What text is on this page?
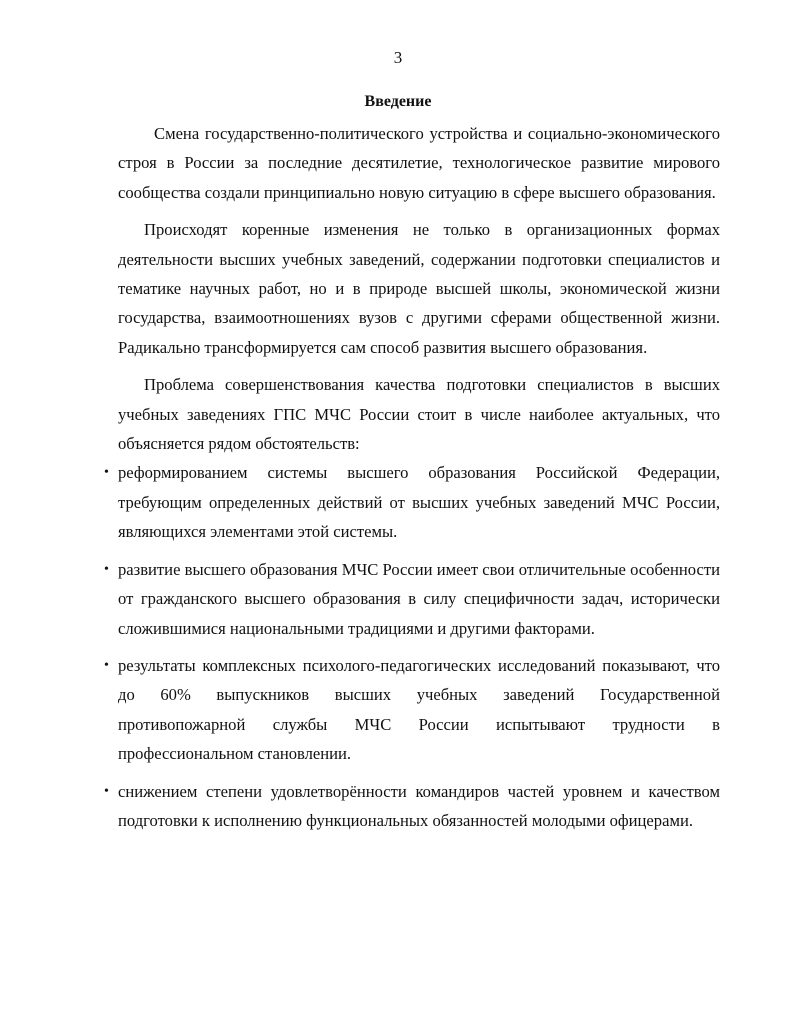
3
Введение

Смена государственно-политического устройства и социально-экономического строя в России за последние десятилетие, технологическое развитие мирового сообщества создали принципиально новую ситуацию в сфере высшего образования.

Происходят коренные изменения не только в организационных формах деятельности высших учебных заведений, содержании подготовки специалистов и тематике научных работ, но и в природе высшей школы, экономической жизни государства, взаимоотношениях вузов с другими сферами общественной жизни. Радикально трансформируется сам способ развития высшего образования.

Проблема совершенствования качества подготовки специалистов в высших учебных заведениях ГПС МЧС России стоит в числе наиболее актуальных, что объясняется рядом обстоятельств:

• реформированием системы высшего образования Российской Федерации, требующим определенных действий от высших учебных заведений МЧС России, являющихся элементами этой системы.
• развитие высшего образования МЧС России имеет свои отличительные особенности от гражданского высшего образования в силу специфичности задач, исторически сложившимися национальными традициями и другими факторами.
• результаты комплексных психолого-педагогических исследований показывают, что до 60% выпускников высших учебных заведений Государственной противопожарной службы МЧС России испытывают трудности в профессиональном становлении.
• снижением степени удовлетворённости командиров частей уровнем и качеством подготовки к исполнению функциональных обязанностей молодыми офицерами.
